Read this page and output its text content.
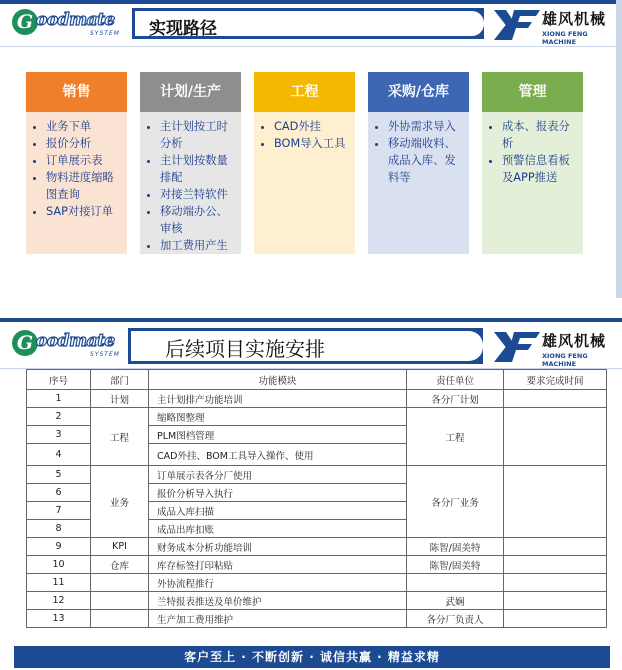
G oodmate
SYSTEM 实现路径	雄风机械
XIONG FENG MACHINE
销售
• 业务下单
• 报价分析
• 订单展示表
• 物料进度缩略图查询
• SAP对接订单
计划/生产
• 主计划按工时分析
• 主计划按数量排配
• 对接兰特软件
• 移动端办公、审核
• 加工费用产生
工程
• CAD外挂
• BOM导入工具
采购/仓库
• 外协需求导入
• 移动端收料、成品入库、发料等
管理
• 成本、报表分析
• 预警信息看板及APP推送
G oodmate
SYSTEM 后续项目实施安排	雄风机械
XIONG FENG MACHINE
序号	部门	功能模块	责任单位	要求完成时间
1	计划	主计划排产功能培训	各分厂计划	
2	工程	缩略图整理	工程	
3		PLM图档管理		
4		CAD外挂、BOM工具导入操作、使用		
5	业务	订单展示表各分厂使用	各分厂业务	
6		报价分析导入执行		
7		成品入库扫描		
8		成品出库扣账		
9	KPI	财务成本分析功能培训	陈智/固美特	
10	仓库	库存标签打印粘贴	陈智/固美特	
11		外协流程推行		
12		兰特报表推送及单价维护	武娴	
13		生产加工费用维护	各分厂负责人	
客户至上 · 不断创新 · 诚信共赢 · 精益求精
